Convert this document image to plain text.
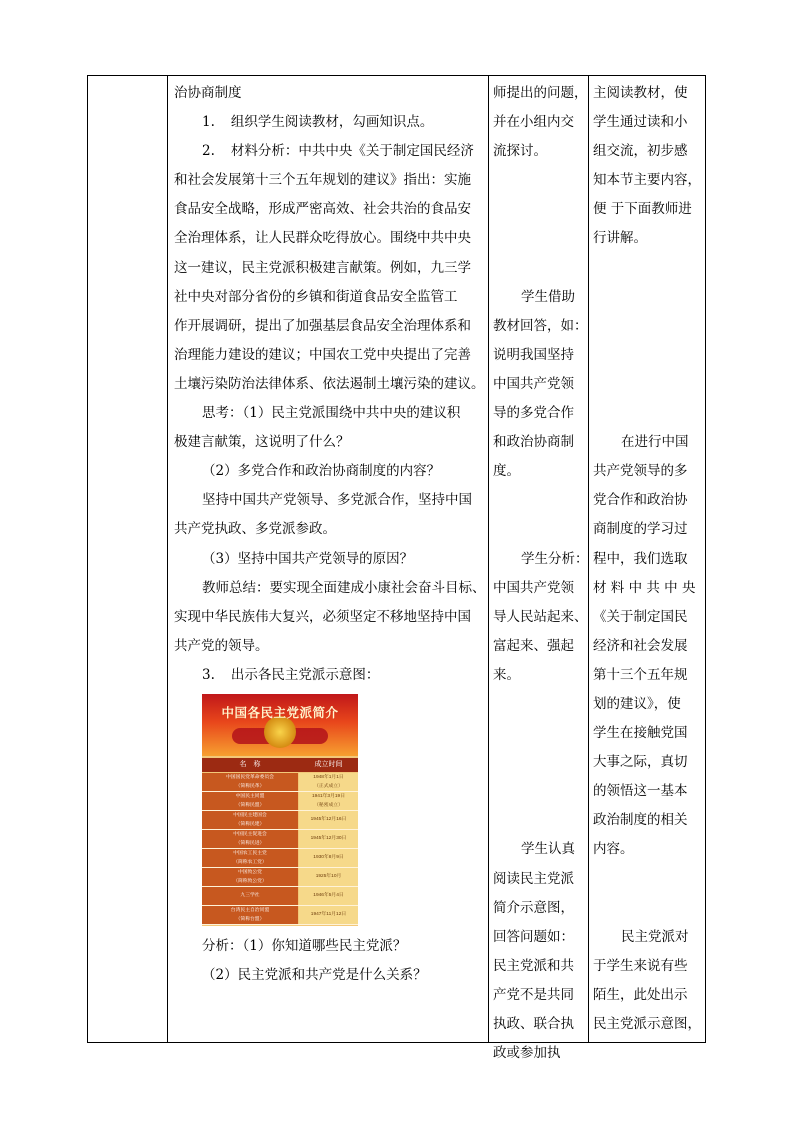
治协商制度

1. 组织学生阅读教材，勾画知识点。

2. 材料分析：中共中央《关于制定国民经济

和社会发展第十三个五年规划的建议》指出：实施

食品安全战略，形成严密高效、社会共治的食品安

全治理体系，让人民群众吃得放心。围绕中共中央

这一建议，民主党派积极建言献策。例如，九三学

社中央对部分省份的乡镇和街道食品安全监管工

作开展调研，提出了加强基层食品安全治理体系和

治理能力建设的建议；中国农工党中央提出了完善

土壤污染防治法律体系、依法遏制土壤污染的建议。

思考：（1）民主党派围绕中共中央的建议积

极建言献策，这说明了什么？

（2）多党合作和政治协商制度的内容？

坚持中国共产党领导、多党派合作，坚持中国

共产党执政、多党派参政。

（3）坚持中国共产党领导的原因？

教师总结：要实现全面建成小康社会奋斗目标、

实现中华民族伟大复兴，必须坚定不移地坚持中国

共产党的领导。

3. 出示各民主党派示意图：

中国各民主党派简介
名　称	成立时间
中国国民党革命委员会
（简称民革）
1948年1月1日
（正式成立）
中国民主同盟
（简称民盟）
1941年3月19日
（秘密成立）
中国民主建国会
（简称民建）
1945年12月16日
中国民主促进会
（简称民进）
1945年12月30日
中国农工民主党
（简称农工党）
1930年8月9日
中国致公党
（简称致公党）
1925年10月
九三学社	1946年5月4日
台湾民主自治同盟
（简称台盟）
1947年11月12日

分析：（1）你知道哪些民主党派？

（2）民主党派和共产党是什么关系？

师提出的问题，

并在小组内交

流探讨。

学生借助

教材回答，如：

说明我国坚持

中国共产党领

导的多党合作

和政治协商制

度。

学生分析：

中国共产党领

导人民站起来、

富起来、强起

来。

学生认真

阅读民主党派

简介示意图，

回答问题如：

民主党派和共

产党不是共同

执政、联合执

政或参加执

主阅读教材，使

学生通过读和小

组交流，初步感

知本节主要内容，

便 于下面教师进

行讲解。

在进行中国

共产党领导的多

党合作和政治协

商制度的学习过

程中，我们选取

材 料 中 共 中 央

《关于制定国民

经济和社会发展

第十三个五年规

划的建议》，使

学生在接触党国

大事之际，真切

的领悟这一基本

政治制度的相关

内容。

民主党派对

于学生来说有些

陌生，此处出示

民主党派示意图，
